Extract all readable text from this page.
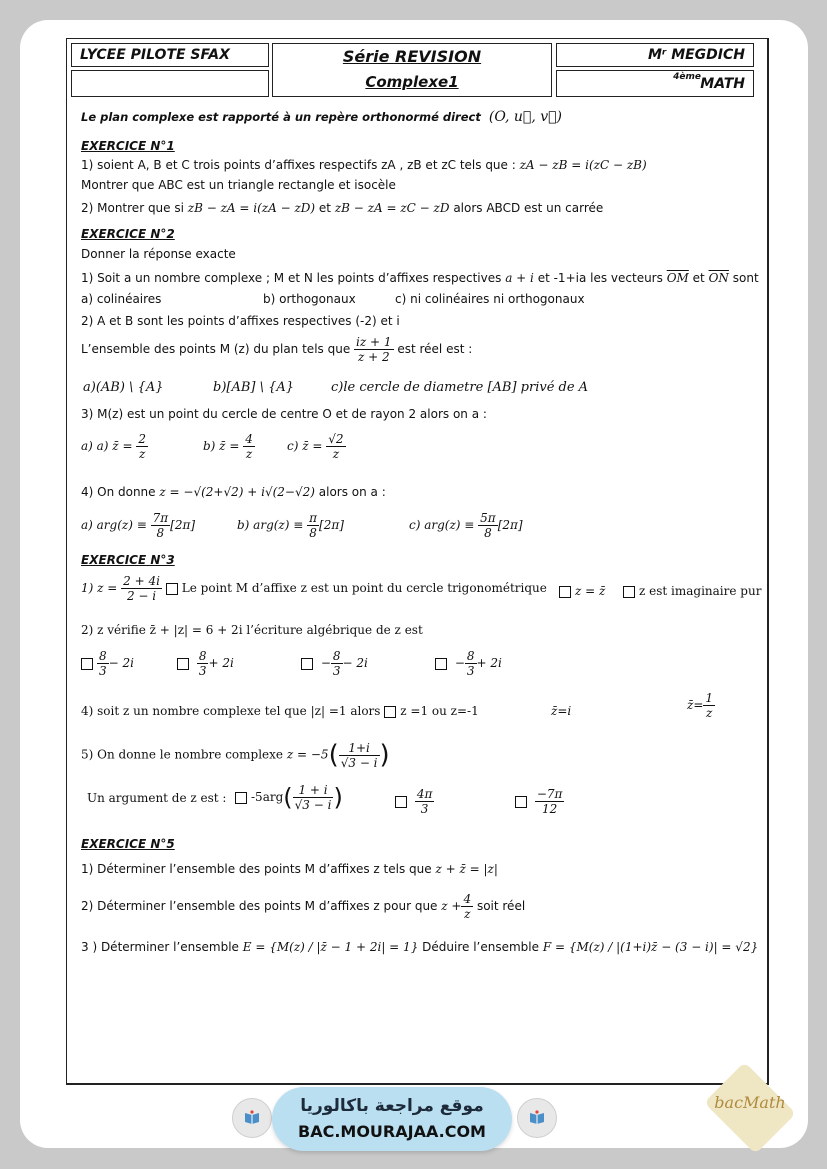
LYCEE PILOTE SFAX	Série REVISION
Complexe1
Mʳ MEGDICH
4ème MATH
Le plan complexe est rapporté à un repère orthonormé direct (O, u⃗, v⃗)
EXERCICE N°1
1) soient A, B et C trois points d’affixes respectifs zA , zB et zC tels que : zA − zB = i(zC − zB)
Montrer que ABC est un triangle rectangle et isocèle
2) Montrer que si zB − zA = i(zA − zD) et zB − zA = zC − zD alors ABCD est un carrée
EXERCICE N°2
Donner la réponse exacte
1) Soit a un nombre complexe ; M et N les points d’affixes respectives a + i et -1+ia les vecteurs $\overline{OM}$ et $\overline{ON}$ sont
a) colinéaires	b) orthogonaux	c) ni colinéaires ni orthogonaux
2) A et B sont les points d’affixes respectives (-2) et i
L’ensemble des points M (z) du plan tels que $\frac{iz + 1}{z + 2}$ est réel est :
a)(AB) \ {A}	b)[AB] \ {A}	c)le cercle de diametre [AB] privé de A
3) M(z) est un point du cercle de centre O et de rayon 2 alors on a :
a) a) z̄ = $\frac{2}{z}$	b) z̄ = $\frac{4}{z}$	c) z̄ = $\frac{√2}{z}$
4) On donne z = −√(2+√2) + i√(2−√2) alors on a :
a) $arg(z) \equiv \frac{7\pi}{8} [2\pi]$	b) $arg(z) \equiv \frac{\pi}{8} [2\pi]$	c) $arg(z) \equiv \frac{5\pi}{8} [2\pi]$
EXERCICE N°3
1) $z = \frac{2 + 4i}{2 - i}$ Le point M d’affixe z est un point du cercle trigonométrique	z = z̄	z est imaginaire pur
2) z vérifie z̄ + |z| = 6 + 2i l’écriture algébrique de z est
$\frac{8}{3} - 2i$
	$\frac{8}{3} + 2i$	− $\frac{8}{3} - 2i$	− $\frac{8}{3} + 2i$
4) soit z un nombre complexe tel que |z| =1 alors z =1 ou z=-1	z̄=i	z̄= $\frac{1}{z}$
5) On donne le nombre complexe $z = -5( \frac{1+i}{√3 - i}$ )
Un argument de z est :	$-5arg( \frac{1 + i}{√3 - i}$ )
	$\frac{4\pi}{3}$
	$\frac{-7\pi}{12}$
EXERCICE N°5
1) Déterminer l’ensemble des points M d’affixes z tels que z + z̄ = |z|
2) Déterminer l’ensemble des points M d’affixes z pour que $z + \frac{4}{z}$ soit réel
3 ) Déterminer l’ensemble E = {M(z) / |z̄ − 1 + 2i| = 1} Déduire l’ensemble F = {M(z) / |(1+i)z̄ − (3 − i)| = √2}
موقع مراجعة باكالوريا
BAC.MOURAJAA.COM
bacMath
